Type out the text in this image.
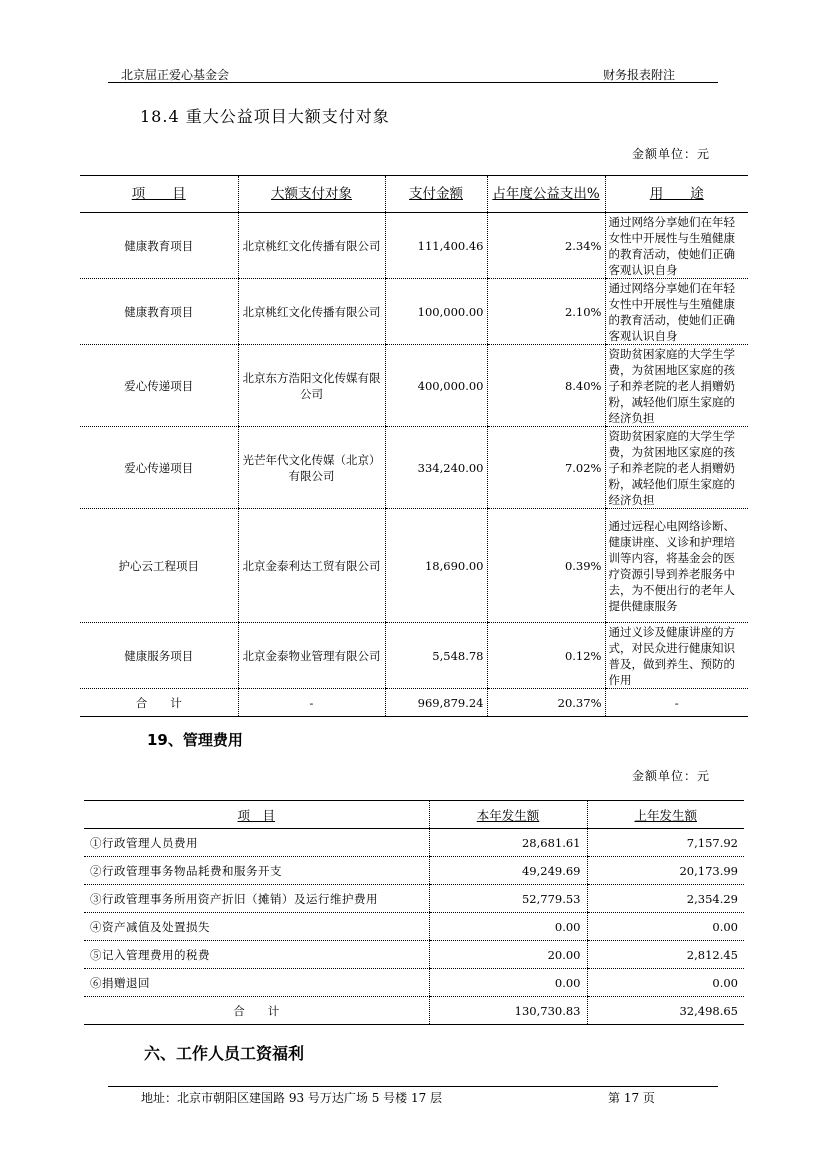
北京屈正爱心基金会	财务报表附注
18.4 重大公益项目大额支付对象
金额单位：元
项　　目	大额支付对象	支付金额	占年度公益支出%	用　　途
健康教育项目	北京桃红文化传播有限公司	111,400.46	2.34%	通过网络分享她们在年轻女性中开展性与生殖健康的教育活动，使她们正确客观认识自身
健康教育项目	北京桃红文化传播有限公司	100,000.00	2.10%	通过网络分享她们在年轻女性中开展性与生殖健康的教育活动，使她们正确客观认识自身
爱心传递项目	北京东方浩阳文化传媒有限公司	400,000.00	8.40%	资助贫困家庭的大学生学费，为贫困地区家庭的孩子和养老院的老人捐赠奶粉，减轻他们原生家庭的经济负担
爱心传递项目	光芒年代文化传媒（北京）有限公司	334,240.00	7.02%	资助贫困家庭的大学生学费，为贫困地区家庭的孩子和养老院的老人捐赠奶粉，减轻他们原生家庭的经济负担
护心云工程项目	北京金泰利达工贸有限公司	18,690.00	0.39%	通过远程心电网络诊断、健康讲座、义诊和护理培训等内容，将基金会的医疗资源引导到养老服务中去，为不便出行的老年人提供健康服务
健康服务项目	北京金泰物业管理有限公司	5,548.78	0.12%	通过义诊及健康讲座的方式，对民众进行健康知识普及，做到养生、预防的作用
合　　计	-	969,879.24	20.37%	-
19、管理费用
金额单位：元
项　目	本年发生额	上年发生额
①行政管理人员费用	28,681.61	7,157.92
②行政管理事务物品耗费和服务开支	49,249.69	20,173.99
③行政管理事务所用资产折旧（摊销）及运行维护费用	52,779.53	2,354.29
④资产减值及处置损失	0.00	0.00
⑤记入管理费用的税费	20.00	2,812.45
⑥捐赠退回	0.00	0.00
合　　计	130,730.83	32,498.65
六、工作人员工资福利
地址：北京市朝阳区建国路 93 号万达广场 5 号楼 17 层	第 17 页
